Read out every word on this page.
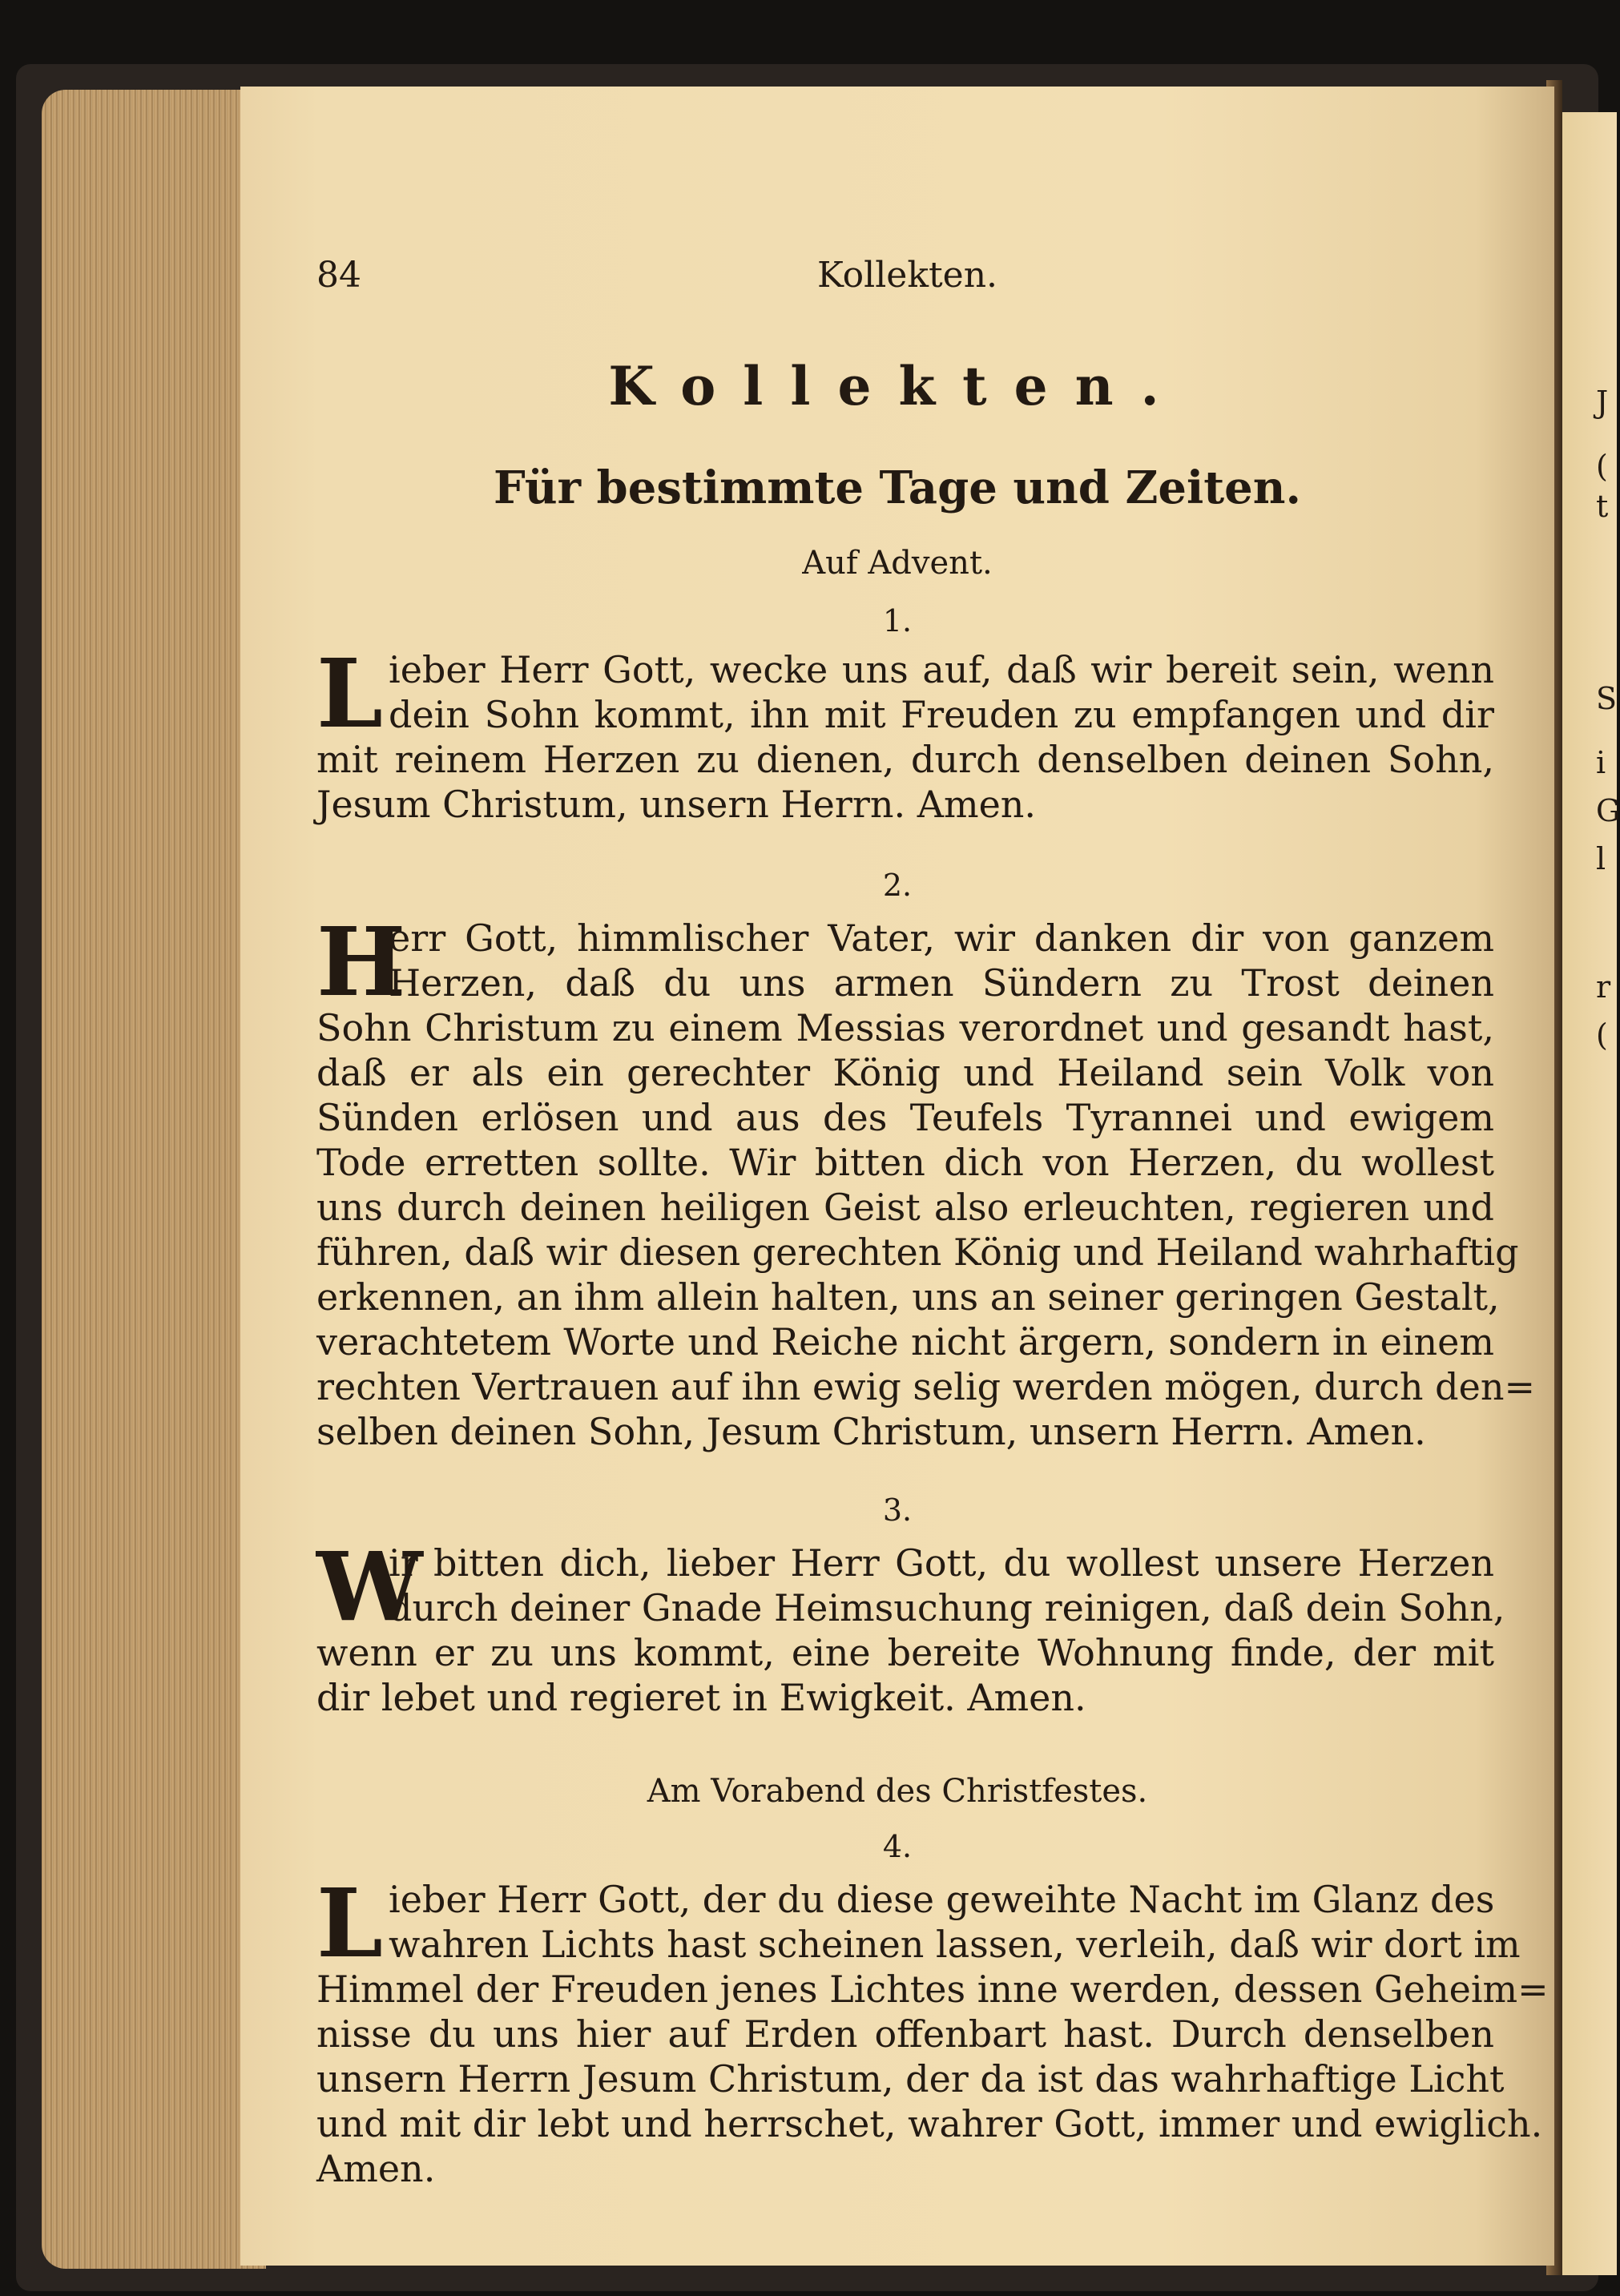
J
(
t
S
i
G
l
r
(
84	Kollekten.
Kollekten.
Für bestimmte Tage und Zeiten.
Auf Advent.
1.
L ieber Herr Gott, wecke uns auf, daß wir bereit sein, wenn
dein Sohn kommt, ihn mit Freuden zu empfangen und dir
mit reinem Herzen zu dienen, durch denselben deinen Sohn,
Jesum Christum, unsern Herrn. Amen.
2.
H
err Gott, himmlischer Vater, wir danken dir von ganzem
Herzen, daß du uns armen Sündern zu Trost deinen
Sohn Christum zu einem Messias verordnet und gesandt hast,
daß er als ein gerechter König und Heiland sein Volk von
Sünden erlösen und aus des Teufels Tyrannei und ewigem
Tode erretten sollte. Wir bitten dich von Herzen, du wollest
uns durch deinen heiligen Geist also erleuchten, regieren und
führen, daß wir diesen gerechten König und Heiland wahrhaftig
erkennen, an ihm allein halten, uns an seiner geringen Gestalt,
verachtetem Worte und Reiche nicht ärgern, sondern in einem
rechten Vertrauen auf ihn ewig selig werden mögen, durch den=
selben deinen Sohn, Jesum Christum, unsern Herrn. Amen.
3.
W
ir bitten dich, lieber Herr Gott, du wollest unsere Herzen
durch deiner Gnade Heimsuchung reinigen, daß dein Sohn,
wenn er zu uns kommt, eine bereite Wohnung finde, der mit
dir lebet und regieret in Ewigkeit. Amen.
Am Vorabend des Christfestes.
4.
L ieber Herr Gott, der du diese geweihte Nacht im Glanz des
wahren Lichts hast scheinen lassen, verleih, daß wir dort im
Himmel der Freuden jenes Lichtes inne werden, dessen Geheim=
nisse du uns hier auf Erden offenbart hast. Durch denselben
unsern Herrn Jesum Christum, der da ist das wahrhaftige Licht
und mit dir lebt und herrschet, wahrer Gott, immer und ewiglich.
Amen.
